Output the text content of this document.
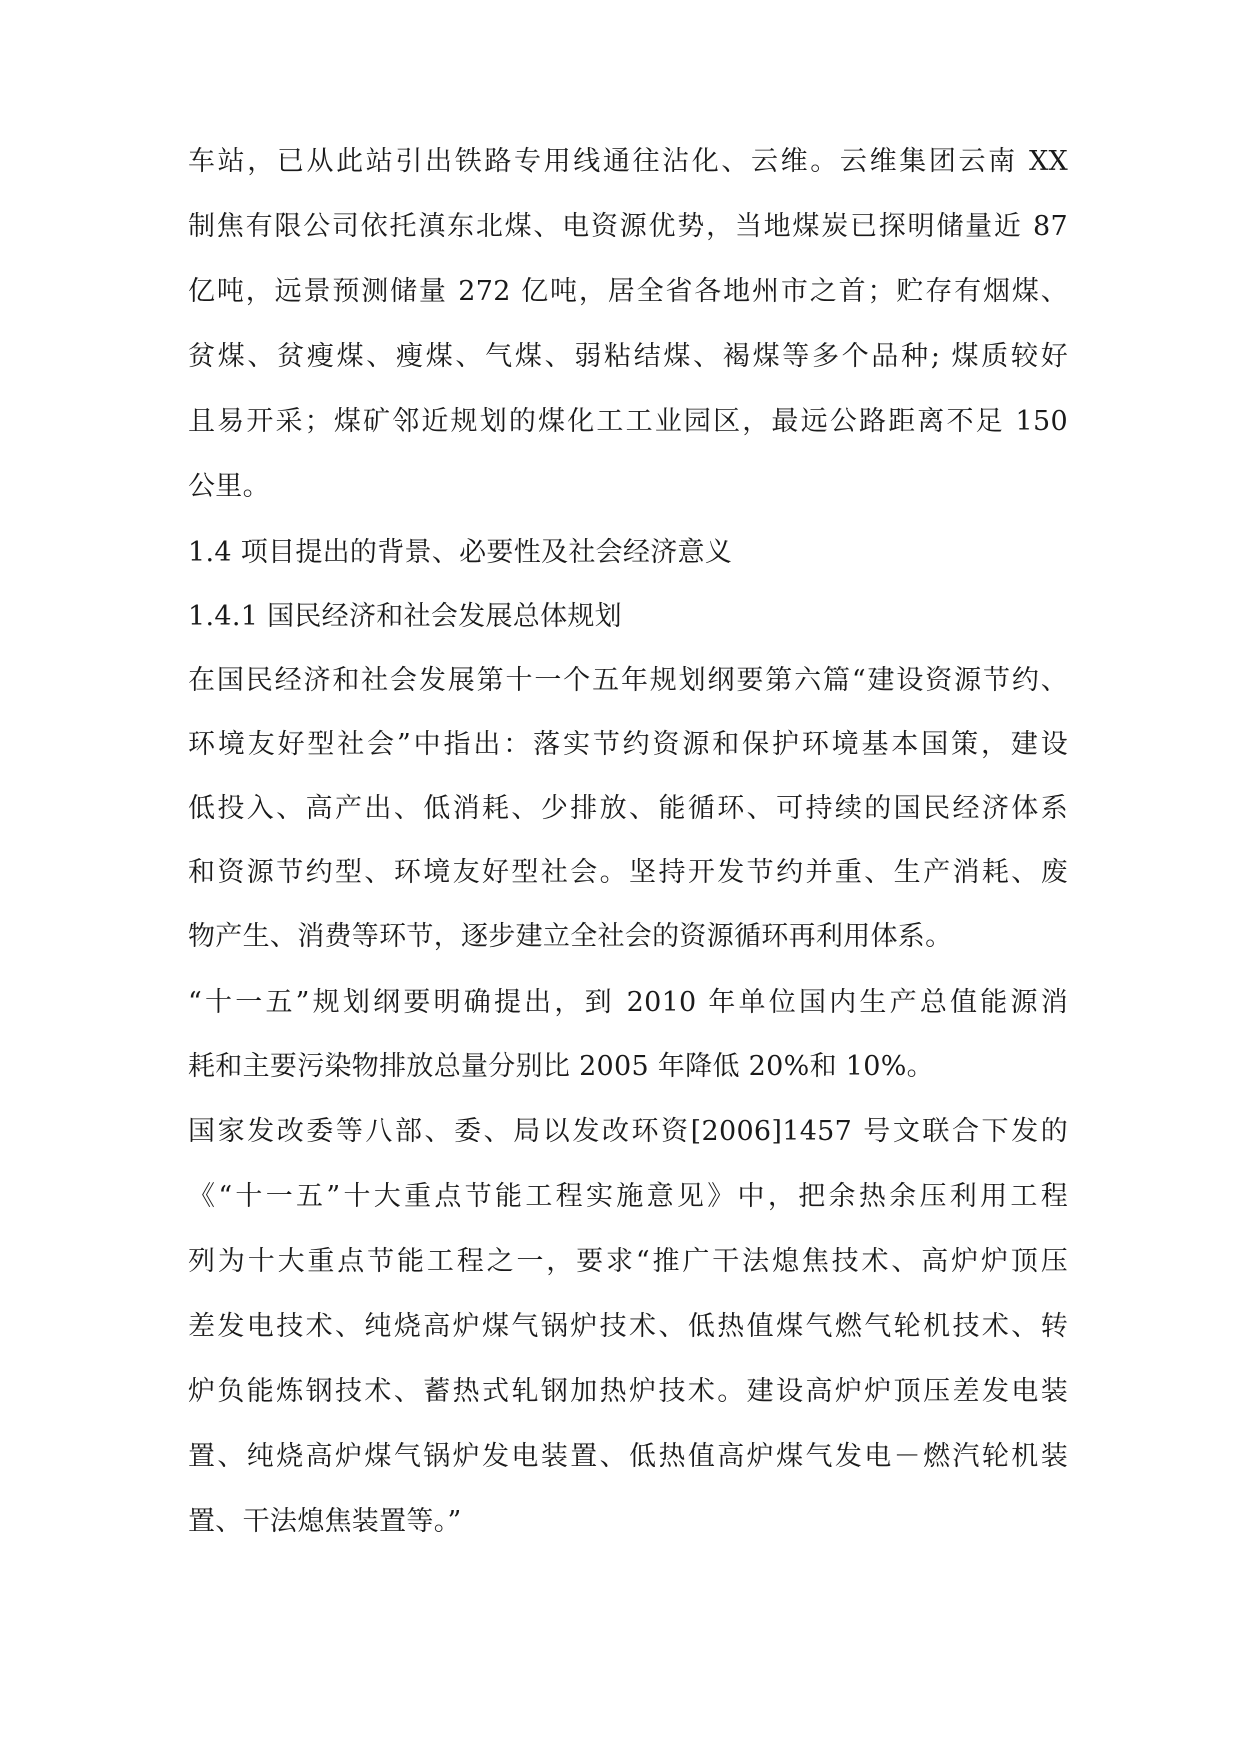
车站，已从此站引出铁路专用线通往沾化、云维。云维集团云南 XX
制焦有限公司依托滇东北煤、电资源优势，当地煤炭已探明储量近 87
亿吨，远景预测储量 272 亿吨，居全省各地州市之首；贮存有烟煤、
贫煤、贫瘦煤、瘦煤、气煤、弱粘结煤、褐煤等多个品种; 煤质较好
且易开采；煤矿邻近规划的煤化工工业园区，最远公路距离不足 150
公里。
1.4 项目提出的背景、必要性及社会经济意义
1.4.1 国民经济和社会发展总体规划
在国民经济和社会发展第十一个五年规划纲要第六篇“建设资源节约、
环境友好型社会”中指出：落实节约资源和保护环境基本国策，建设
低投入、高产出、低消耗、少排放、能循环、可持续的国民经济体系
和资源节约型、环境友好型社会。坚持开发节约并重、生产消耗、废
物产生、消费等环节，逐步建立全社会的资源循环再利用体系。
“十一五”规划纲要明确提出，到 2010 年单位国内生产总值能源消
耗和主要污染物排放总量分别比 2005 年降低 20%和 10%。
国家发改委等八部、委、局以发改环资[2006]1457 号文联合下发的
《“十一五”十大重点节能工程实施意见》中，把余热余压利用工程
列为十大重点节能工程之一，要求“推广干法熄焦技术、高炉炉顶压
差发电技术、纯烧高炉煤气锅炉技术、低热值煤气燃气轮机技术、转
炉负能炼钢技术、蓄热式轧钢加热炉技术。建设高炉炉顶压差发电装
置、纯烧高炉煤气锅炉发电装置、低热值高炉煤气发电－燃汽轮机装
置、干法熄焦装置等。”
